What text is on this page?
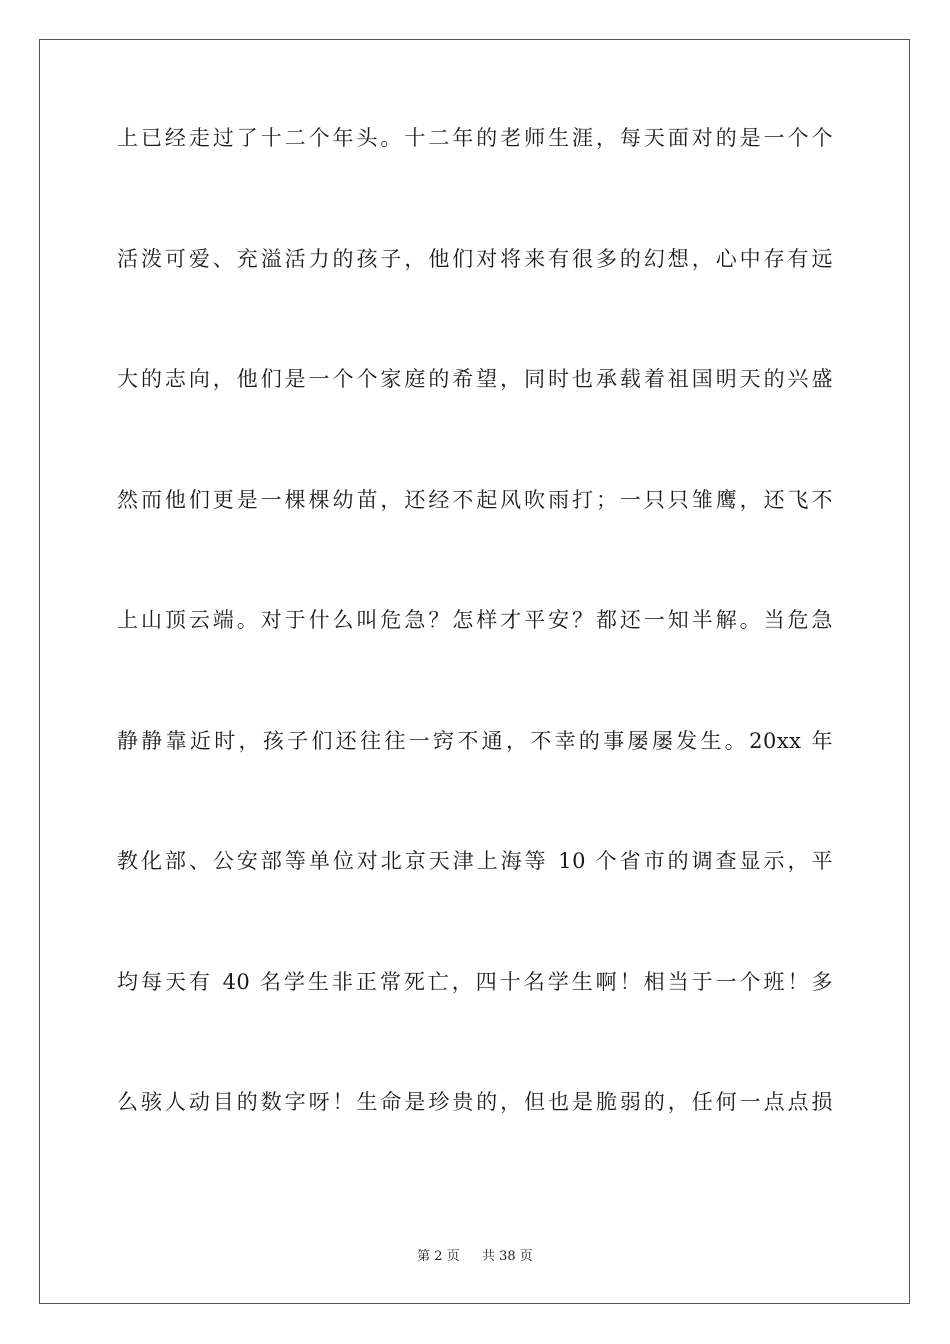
上已经走过了十二个年头。十二年的老师生涯，每天面对的是一个个

活泼可爱、充溢活力的孩子，他们对将来有很多的幻想，心中存有远

大的志向，他们是一个个家庭的希望，同时也承载着祖国明天的兴盛

然而他们更是一棵棵幼苗，还经不起风吹雨打；一只只雏鹰，还飞不

上山顶云端。对于什么叫危急？怎样才平安？都还一知半解。当危急

静静靠近时，孩子们还往往一窍不通，不幸的事屡屡发生。20xx 年

教化部、公安部等单位对北京天津上海等 10 个省市的调查显示，平

均每天有 40 名学生非正常死亡，四十名学生啊！相当于一个班！多

么骇人动目的数字呀！生命是珍贵的，但也是脆弱的，任何一点点损

第 2 页 共 38 页
